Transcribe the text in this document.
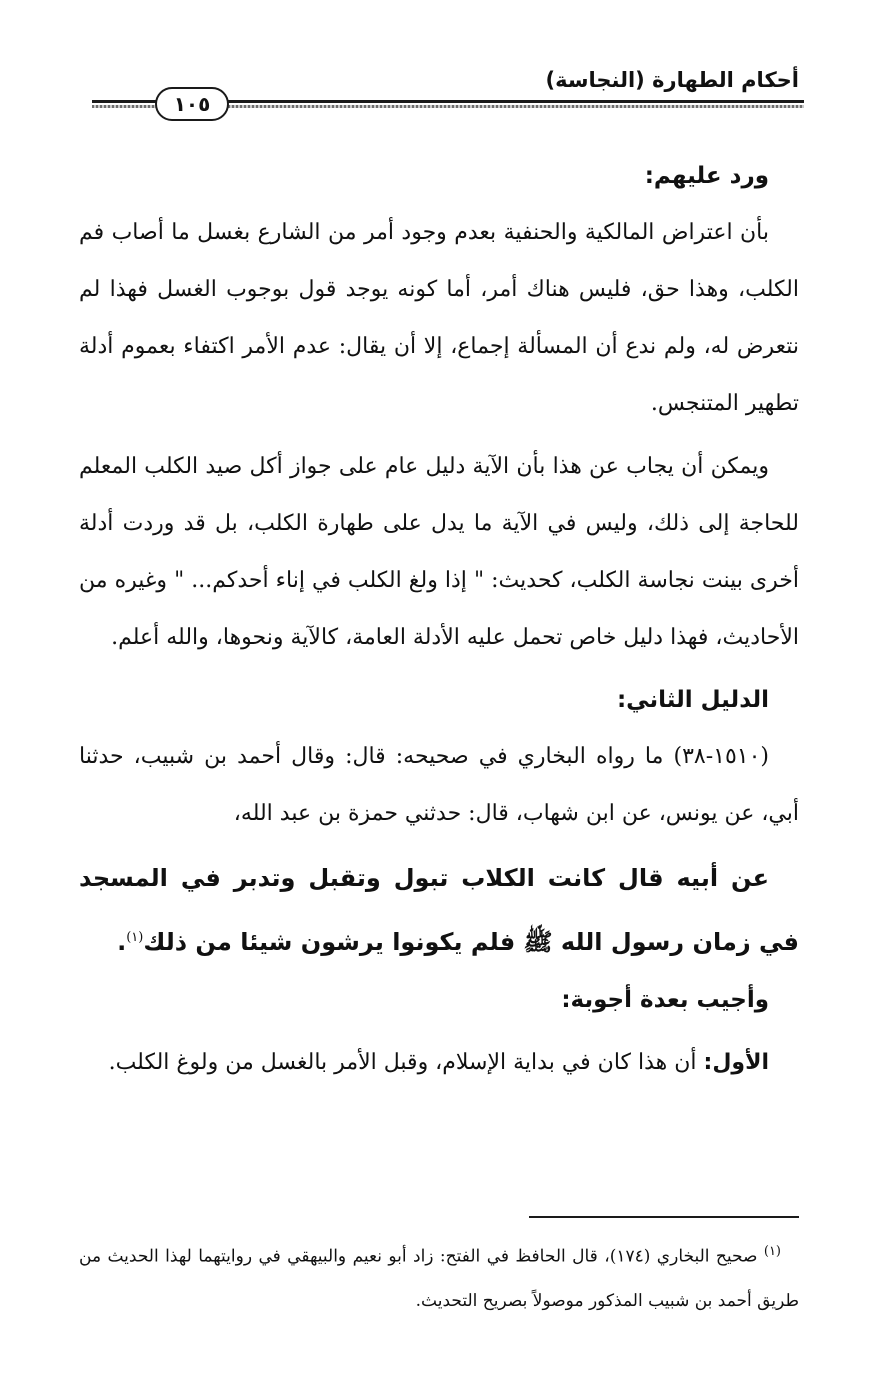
أحكام الطهارة (النجاسة)
١٠٥

ورد عليهم:

بأن اعتراض المالكية والحنفية بعدم وجود أمر من الشارع بغسل ما أصاب فم الكلب، وهذا حق، فليس هناك أمر، أما كونه يوجد قول بوجوب الغسل فهذا لم نتعرض له، ولم ندع أن المسألة إجماع، إلا أن يقال: عدم الأمر اكتفاء بعموم أدلة تطهير المتنجس.

ويمكن أن يجاب عن هذا بأن الآية دليل عام على جواز أكل صيد الكلب المعلم للحاجة إلى ذلك، وليس في الآية ما يدل على طهارة الكلب، بل قد وردت أدلة أخرى بينت نجاسة الكلب، كحديث: " إذا ولغ الكلب في إناء أحدكم... " وغيره من الأحاديث، فهذا دليل خاص تحمل عليه الأدلة العامة، كالآية ونحوها، والله أعلم.

الدليل الثاني:

(١٥١٠-٣٨) ما رواه البخاري في صحيحه: قال: وقال أحمد بن شبيب، حدثنا أبي، عن يونس، عن ابن شهاب، قال: حدثني حمزة بن عبد الله،

عن أبيه قال كانت الكلاب تبول وتقبل وتدبر في المسجد في زمان رسول الله ﷺ فلم يكونوا يرشون شيئا من ذلك$^{(١)}$.

وأجيب بعدة أجوبة:

الأول: أن هذا كان في بداية الإسلام، وقبل الأمر بالغسل من ولوغ الكلب.

$^{(١)}$ صحيح البخاري (١٧٤)، قال الحافظ في الفتح: زاد أبو نعيم والبيهقي في روايتهما لهذا الحديث من طريق أحمد بن شبيب المذكور موصولاً بصريح التحديث.
